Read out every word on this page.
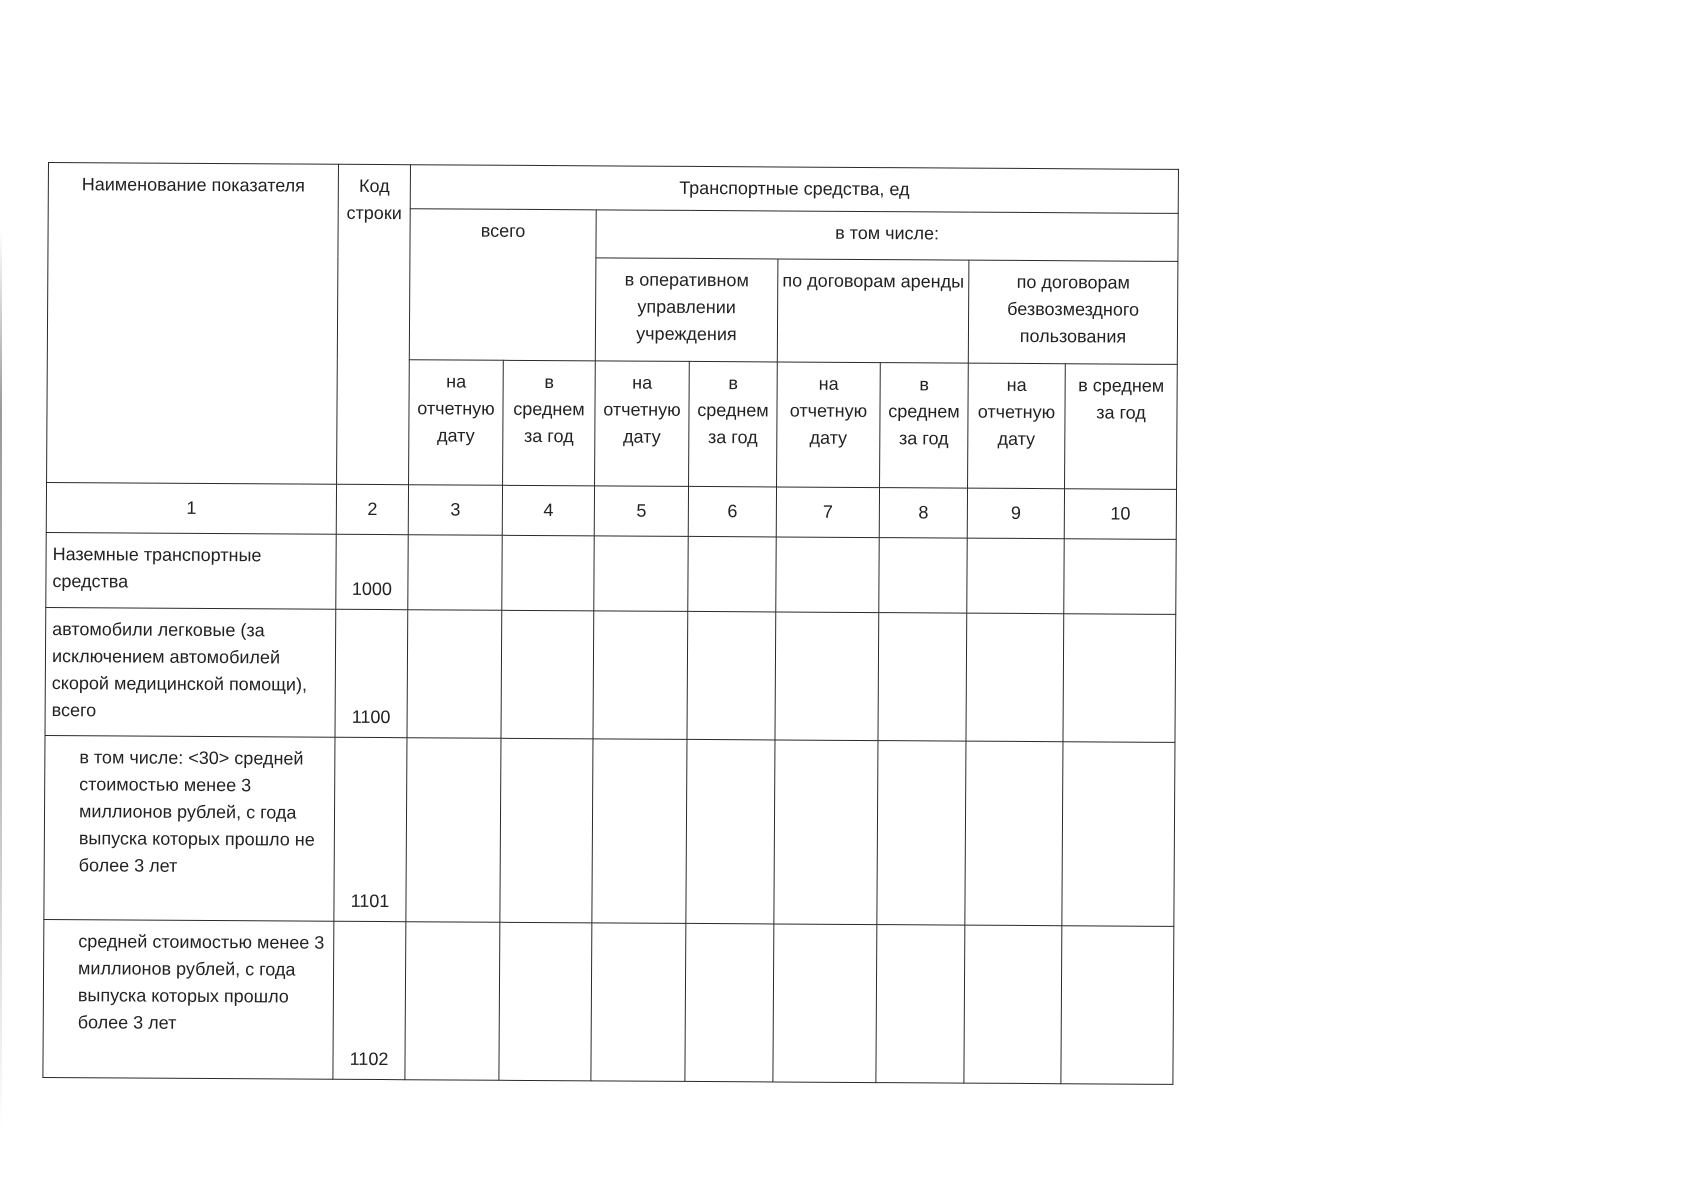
Наименование показателя	Код строки	Транспортные средства, ед							
		всего		в том числе:					
				в оперативном управлении учреждения		по договорам аренды		по договорам безвозмездного пользования	
		на отчетную дату	в среднем за год	на отчетную дату	в среднем за год	на отчетную дату	в среднем за год	на отчетную дату	в среднем за год
1	2	3	4	5	6	7	8	9	10
Наземные транспортные средства	1000								
автомобили легковые (за исключением автомобилей скорой медицинской помощи), всего	1100								
в том числе: <30> средней стоимостью менее 3 миллионов рублей, с года выпуска которых прошло не более 3 лет	1101								
средней стоимостью менее 3 миллионов рублей, с года выпуска которых прошло более 3 лет	1102								
